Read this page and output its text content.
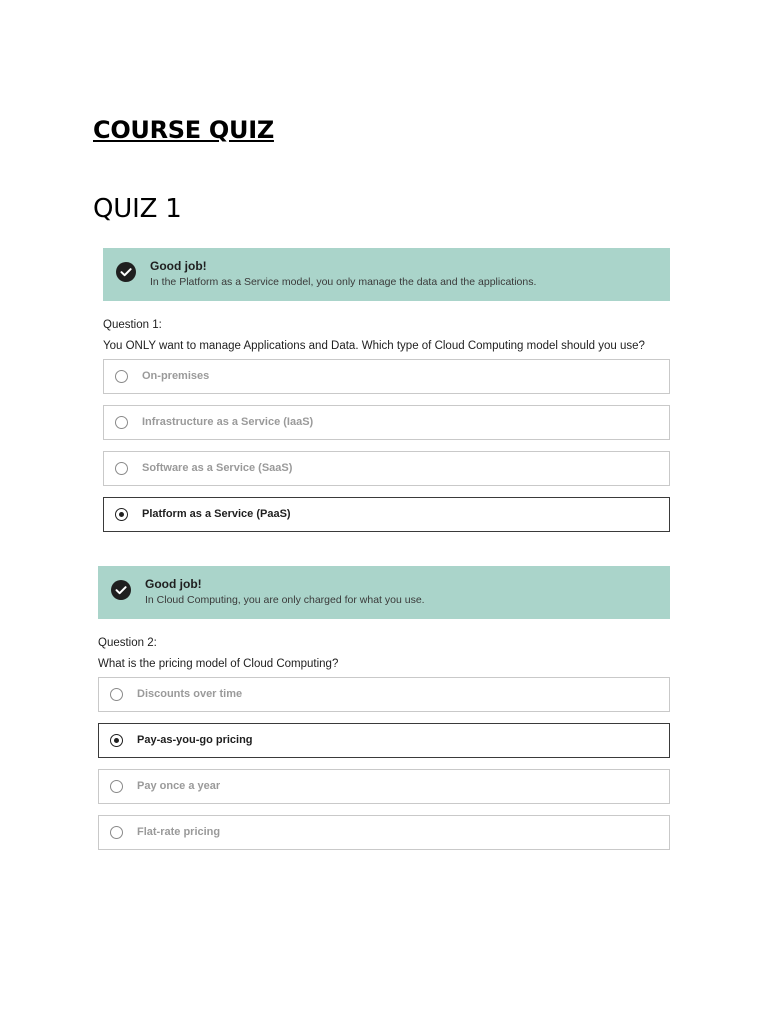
COURSE QUIZ
QUIZ 1
Good job!
In the Platform as a Service model, you only manage the data and the applications.
Question 1:
You ONLY want to manage Applications and Data. Which type of Cloud Computing model should you use?
On-premises
Infrastructure as a Service (IaaS)
Software as a Service (SaaS)
Platform as a Service (PaaS)
Good job!
In Cloud Computing, you are only charged for what you use.
Question 2:
What is the pricing model of Cloud Computing?
Discounts over time
Pay-as-you-go pricing
Pay once a year
Flat-rate pricing
